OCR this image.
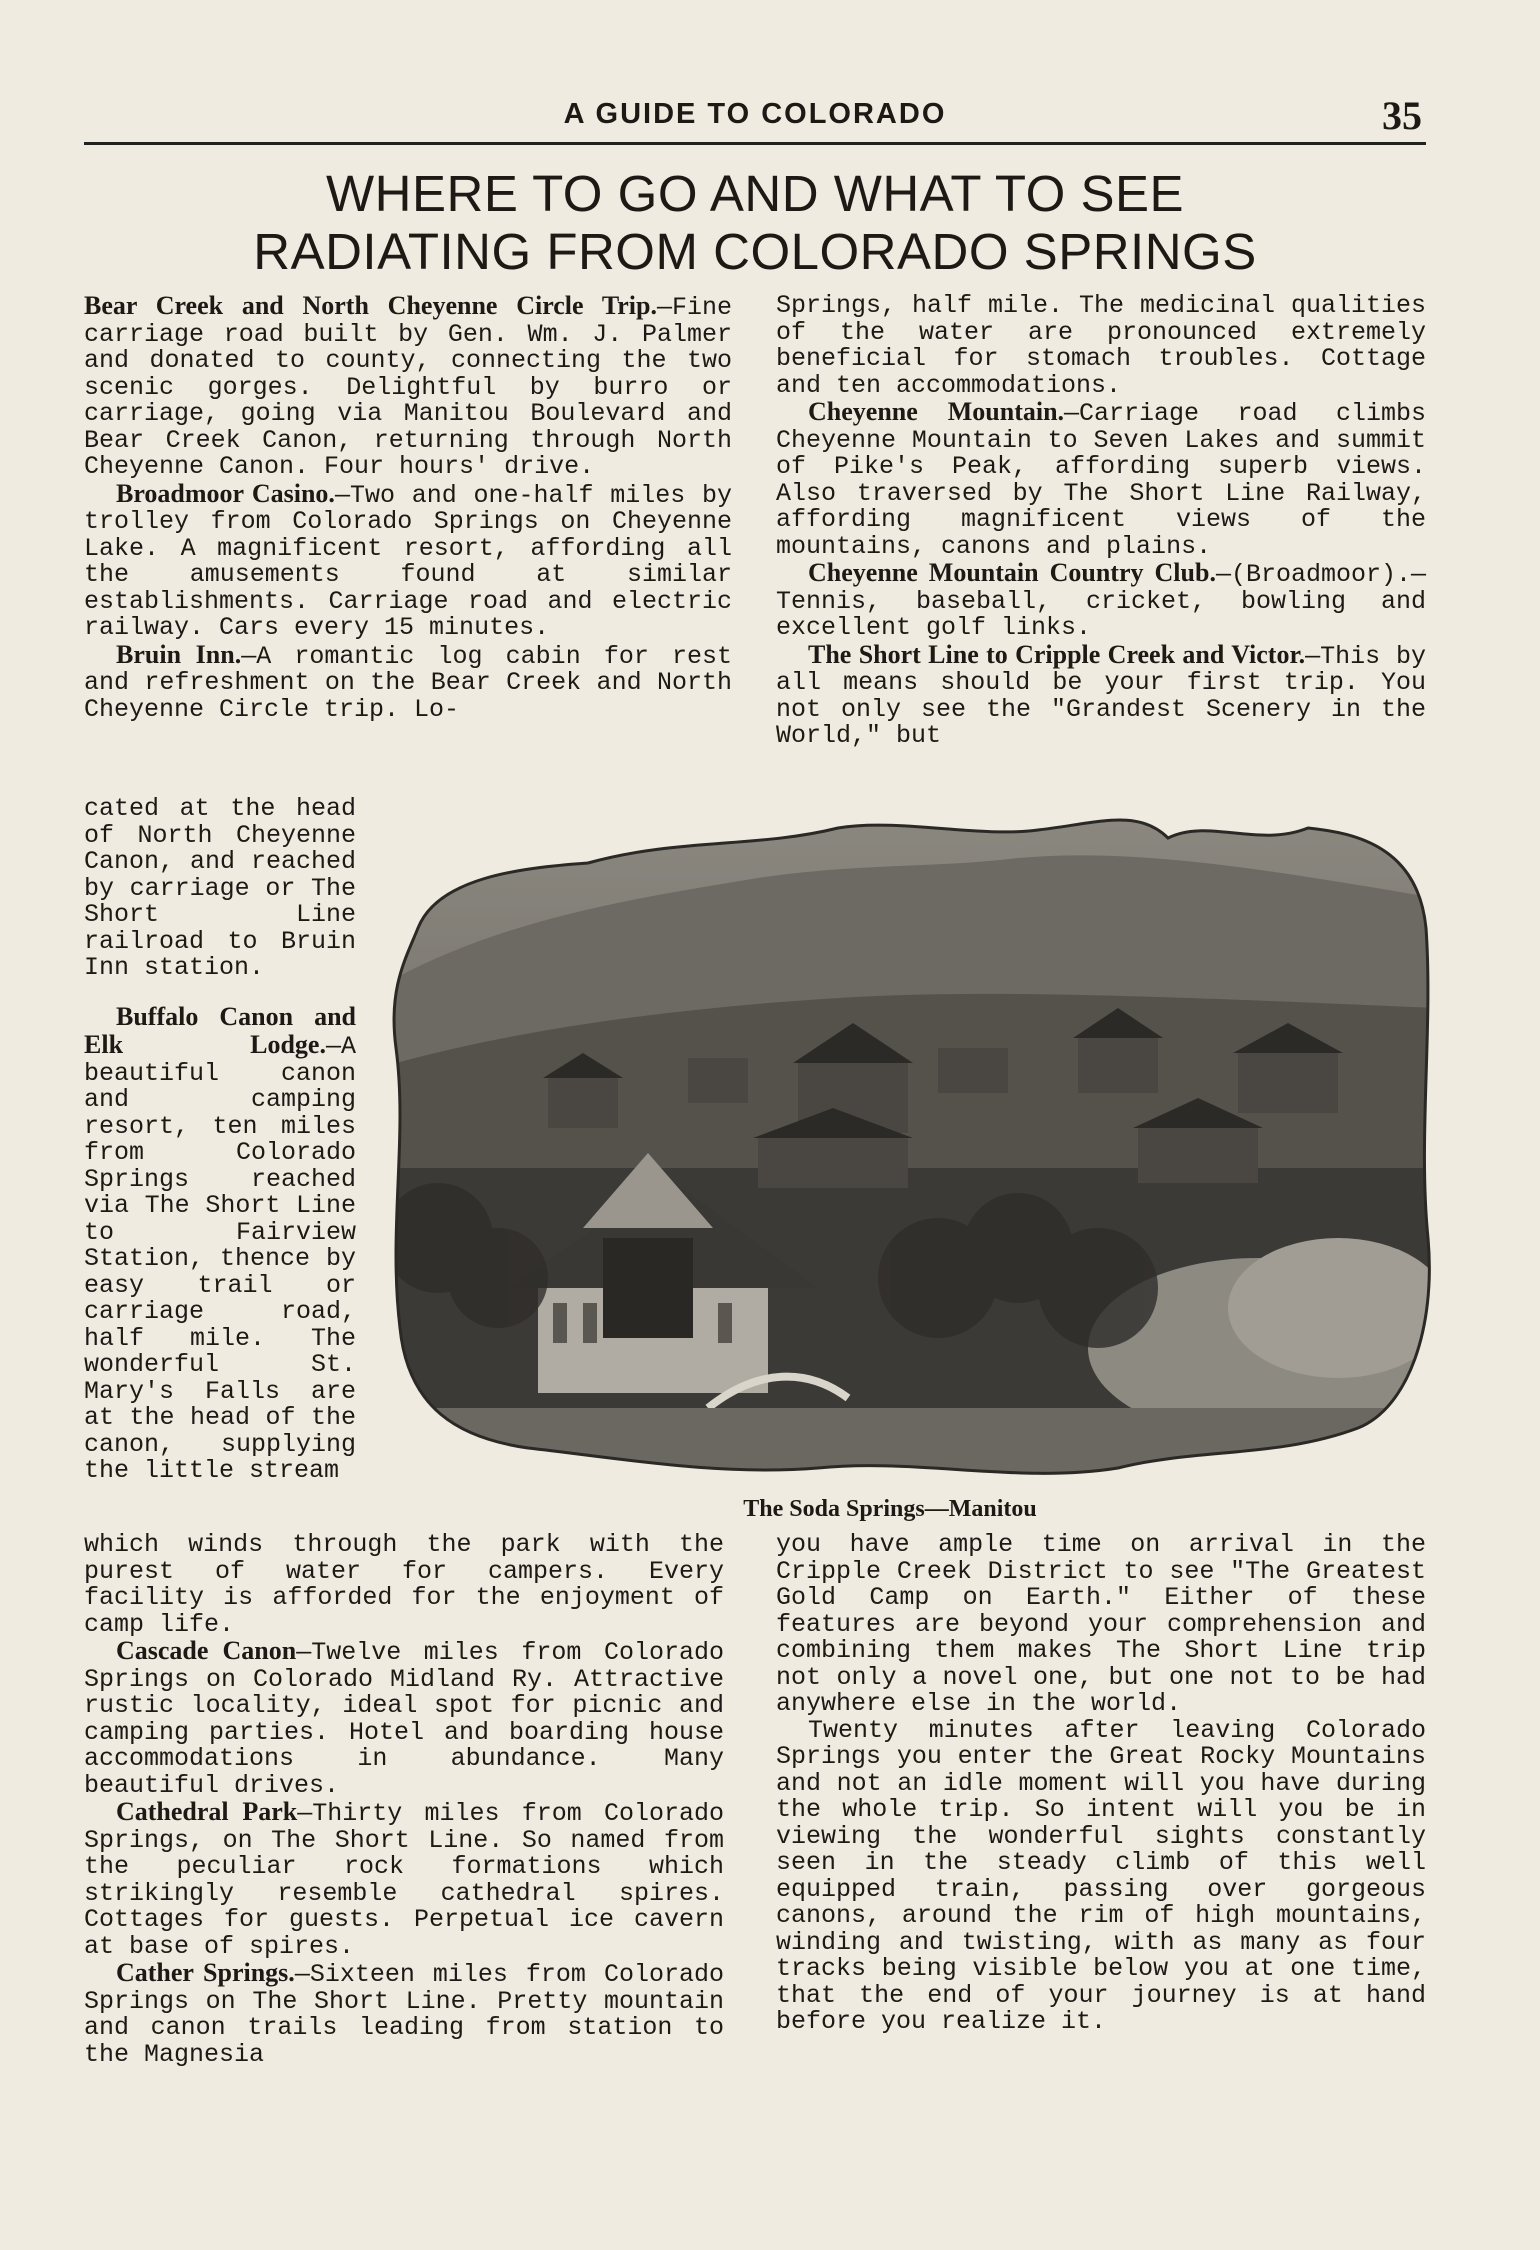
A GUIDE TO COLORADO	35
WHERE TO GO AND WHAT TO SEE
RADIATING FROM COLORADO SPRINGS

Bear Creek and North Cheyenne Circle Trip.—Fine carriage road built by Gen. Wm. J. Palmer and donated to county, connecting the two scenic gorges. Delightful by burro or carriage, going via Manitou Boulevard and Bear Creek Canon, returning through North Cheyenne Canon. Four hours' drive.

Broadmoor Casino.—Two and one-half miles by trolley from Colorado Springs on Cheyenne Lake. A magnificent resort, affording all the amusements found at similar establishments. Carriage road and electric railway. Cars every 15 minutes.

Bruin Inn.—A romantic log cabin for rest and refreshment on the Bear Creek and North Cheyenne Circle trip. Lo-

Springs, half mile. The medicinal qualities of the water are pronounced extremely beneficial for stomach troubles. Cottage and ten accommodations.

Cheyenne Mountain.—Carriage road climbs Cheyenne Mountain to Seven Lakes and summit of Pike's Peak, affording superb views. Also traversed by The Short Line Railway, affording magnificent views of the mountains, canons and plains.

Cheyenne Mountain Country Club.—(Broadmoor).—Tennis, baseball, cricket, bowling and excellent golf links.

The Short Line to Cripple Creek and Victor.—This by all means should be your first trip. You not only see the "Grandest Scenery in the World," but

cated at the head of North Cheyenne Canon, and reached by carriage or The Short Line railroad to Bruin Inn station.

Buffalo Canon and Elk Lodge.—A beautiful canon and camping resort, ten miles from Colorado Springs reached via The Short Line to Fairview Station, thence by easy trail or carriage road, half mile. The wonderful St. Mary's Falls are at the head of the canon, supplying the little stream

The Soda Springs—Manitou

which winds through the park with the purest of water for campers. Every facility is afforded for the enjoyment of camp life.

Cascade Canon—Twelve miles from Colorado Springs on Colorado Midland Ry. Attractive rustic locality, ideal spot for picnic and camping parties. Hotel and boarding house accommodations in abundance. Many beautiful drives.

Cathedral Park—Thirty miles from Colorado Springs, on The Short Line. So named from the peculiar rock formations which strikingly resemble cathedral spires. Cottages for guests. Perpetual ice cavern at base of spires.

Cather Springs.—Sixteen miles from Colorado Springs on The Short Line. Pretty mountain and canon trails leading from station to the Magnesia

you have ample time on arrival in the Cripple Creek District to see "The Greatest Gold Camp on Earth." Either of these features are beyond your comprehension and combining them makes The Short Line trip not only a novel one, but one not to be had anywhere else in the world.

Twenty minutes after leaving Colorado Springs you enter the Great Rocky Mountains and not an idle moment will you have during the whole trip. So intent will you be in viewing the wonderful sights constantly seen in the steady climb of this well equipped train, passing over gorgeous canons, around the rim of high mountains, winding and twisting, with as many as four tracks being visible below you at one time, that the end of your journey is at hand before you realize it.
